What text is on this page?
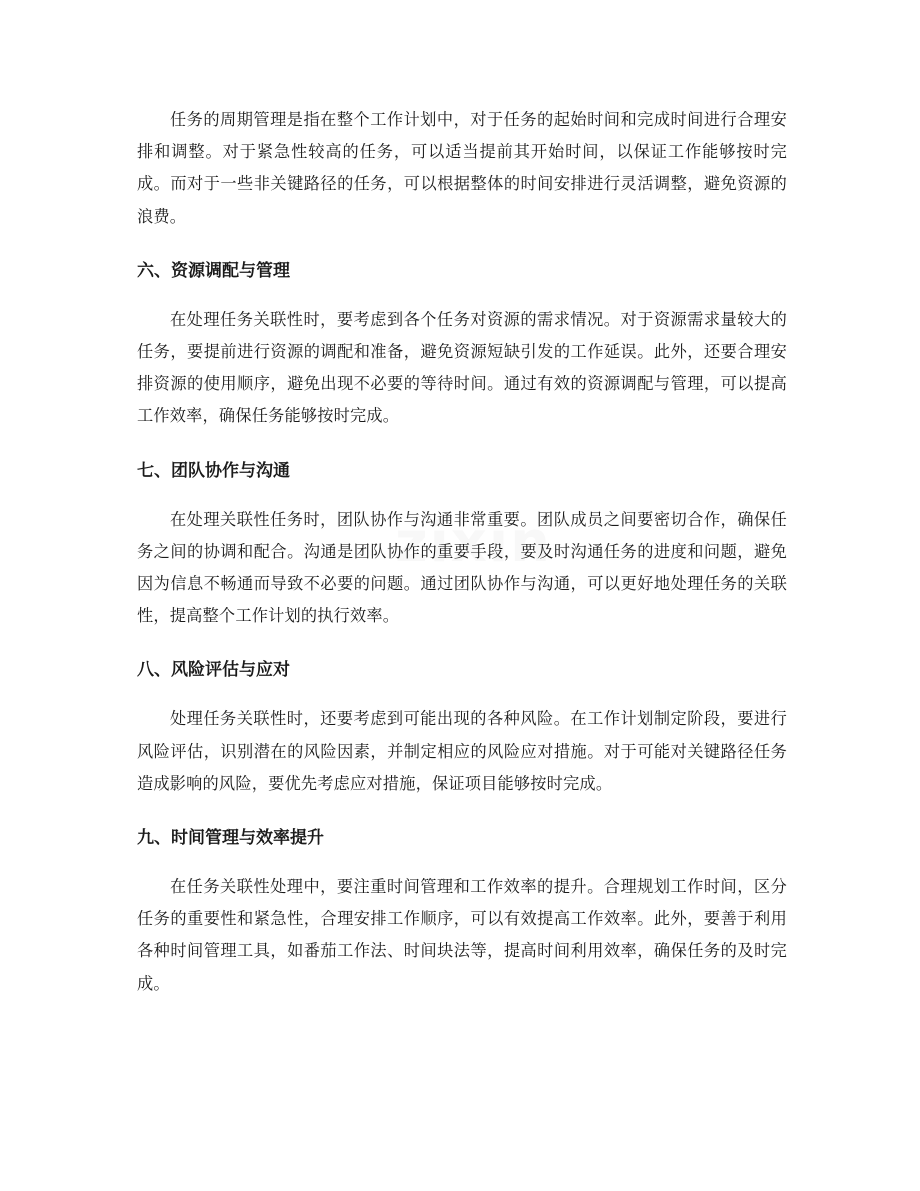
zixin

任务的周期管理是指在整个工作计划中，对于任务的起始时间和完成时间进行合理安排和调整。对于紧急性较高的任务，可以适当提前其开始时间，以保证工作能够按时完成。而对于一些非关键路径的任务，可以根据整体的时间安排进行灵活调整，避免资源的浪费。

六、资源调配与管理

在处理任务关联性时，要考虑到各个任务对资源的需求情况。对于资源需求量较大的任务，要提前进行资源的调配和准备，避免资源短缺引发的工作延误。此外，还要合理安排资源的使用顺序，避免出现不必要的等待时间。通过有效的资源调配与管理，可以提高工作效率，确保任务能够按时完成。

七、团队协作与沟通

在处理关联性任务时，团队协作与沟通非常重要。团队成员之间要密切合作，确保任务之间的协调和配合。沟通是团队协作的重要手段，要及时沟通任务的进度和问题，避免因为信息不畅通而导致不必要的问题。通过团队协作与沟通，可以更好地处理任务的关联性，提高整个工作计划的执行效率。

八、风险评估与应对

处理任务关联性时，还要考虑到可能出现的各种风险。在工作计划制定阶段，要进行风险评估，识别潜在的风险因素，并制定相应的风险应对措施。对于可能对关键路径任务造成影响的风险，要优先考虑应对措施，保证项目能够按时完成。

九、时间管理与效率提升

在任务关联性处理中，要注重时间管理和工作效率的提升。合理规划工作时间，区分任务的重要性和紧急性，合理安排工作顺序，可以有效提高工作效率。此外，要善于利用各种时间管理工具，如番茄工作法、时间块法等，提高时间利用效率，确保任务的及时完成。
